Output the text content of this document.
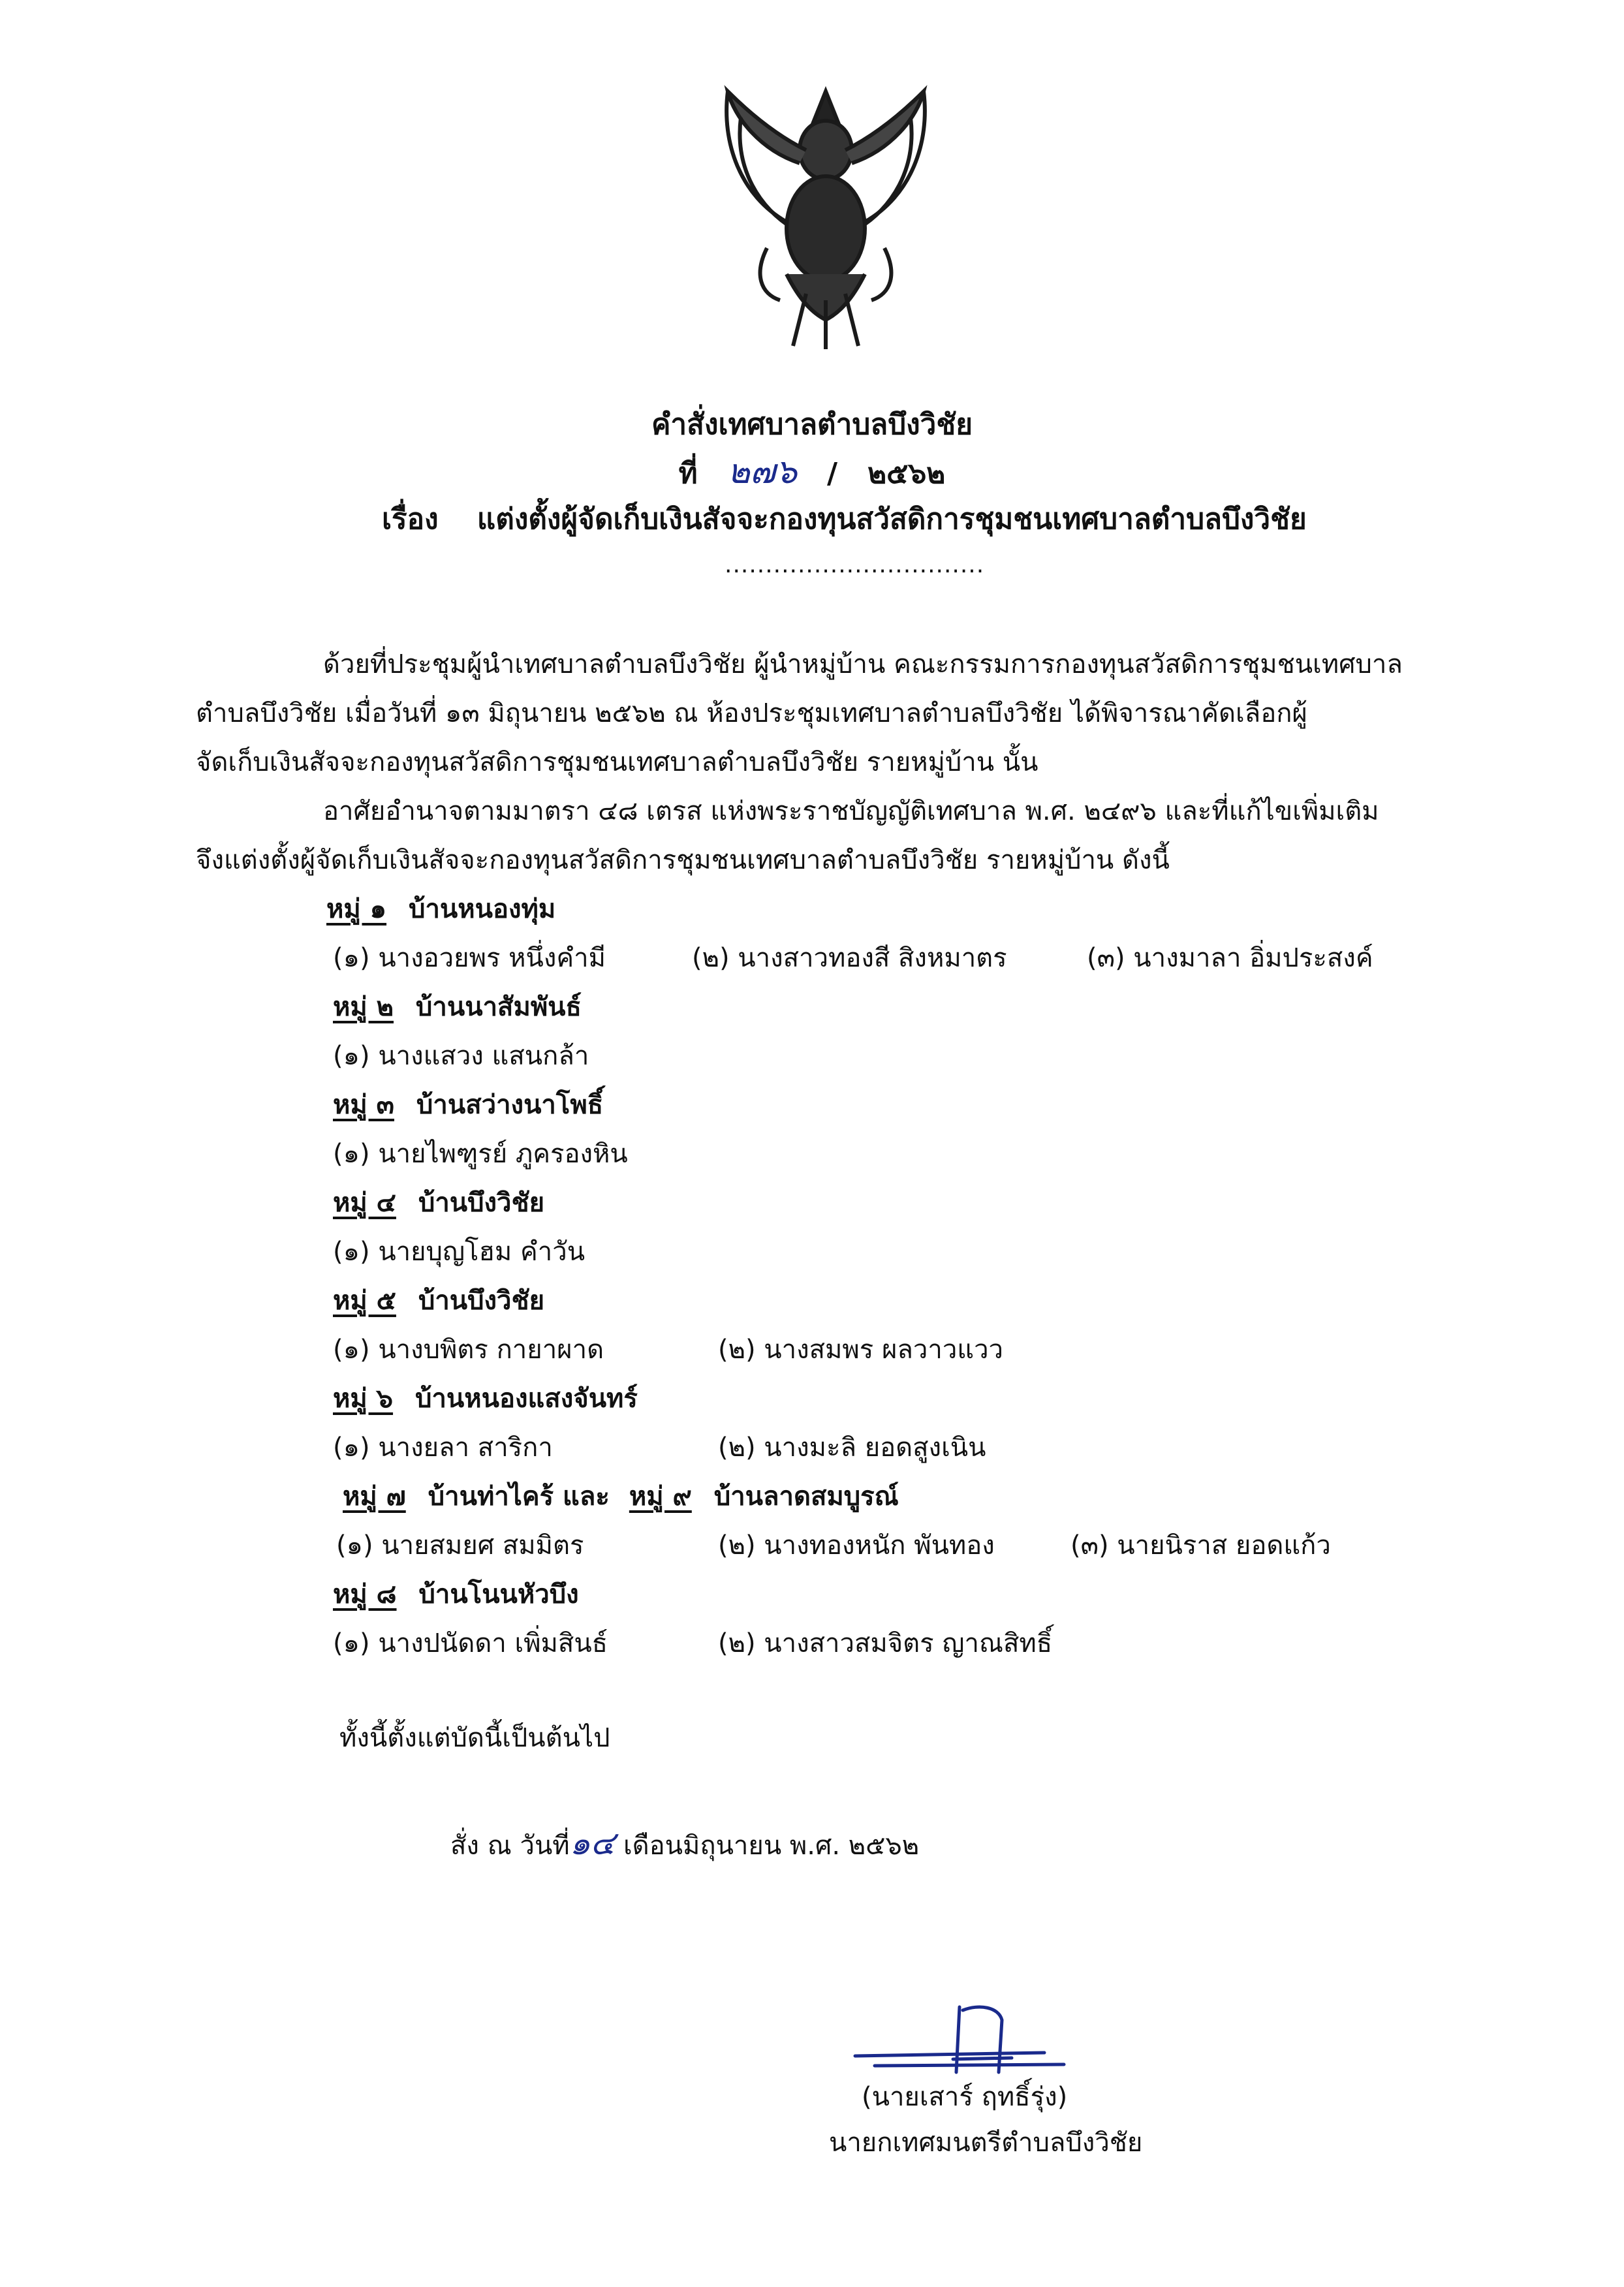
คำสั่งเทศบาลตำบลบึงวิชัย
ที่ ๒๗๖ / ๒๕๖๒
เรื่อง แต่งตั้งผู้จัดเก็บเงินสัจจะกองทุนสวัสดิการชุมชนเทศบาลตำบลบึงวิชัย
................................
ด้วยที่ประชุมผู้นำเทศบาลตำบลบึงวิชัย ผู้นำหมู่บ้าน คณะกรรมการกองทุนสวัสดิการชุมชนเทศบาล
ตำบลบึงวิชัย เมื่อวันที่ ๑๓ มิถุนายน ๒๕๖๒ ณ ห้องประชุมเทศบาลตำบลบึงวิชัย ได้พิจารณาคัดเลือกผู้
จัดเก็บเงินสัจจะกองทุนสวัสดิการชุมชนเทศบาลตำบลบึงวิชัย รายหมู่บ้าน นั้น
อาศัยอำนาจตามมาตรา ๔๘ เตรส แห่งพระราชบัญญัติเทศบาล พ.ศ. ๒๔๙๖ และที่แก้ไขเพิ่มเติม
จึงแต่งตั้งผู้จัดเก็บเงินสัจจะกองทุนสวัสดิการชุมชนเทศบาลตำบลบึงวิชัย รายหมู่บ้าน ดังนี้
หมู่ ๑ บ้านหนองทุ่ม
(๑) นางอวยพร หนึ่งคำมี	(๒) นางสาวทองสี สิงหมาตร	(๓) นางมาลา อิ่มประสงค์
หมู่ ๒ บ้านนาสัมพันธ์
(๑) นางแสวง แสนกล้า
หมู่ ๓ บ้านสว่างนาโพธิ์
(๑) นายไพฑูรย์ ภูครองหิน
หมู่ ๔ บ้านบึงวิชัย
(๑) นายบุญโฮม คำวัน
หมู่ ๕ บ้านบึงวิชัย
(๑) นางบพิตร กายาผาด	(๒) นางสมพร ผลวาวแวว
หมู่ ๖ บ้านหนองแสงจันทร์
(๑) นางยลา สาริกา	(๒) นางมะลิ ยอดสูงเนิน
หมู่ ๗ บ้านท่าไคร้ และ หมู่ ๙ บ้านลาดสมบูรณ์
(๑) นายสมยศ สมมิตร	(๒) นางทองหนัก พันทอง	(๓) นายนิราส ยอดแก้ว
หมู่ ๘ บ้านโนนหัวบึง
(๑) นางปนัดดา เพิ่มสินธ์	(๒) นางสาวสมจิตร ญาณสิทธิ์
ทั้งนี้ตั้งแต่บัดนี้เป็นต้นไป
สั่ง ณ วันที่๑๔ เดือนมิถุนายน พ.ศ. ๒๕๖๒
(นายเสาร์ ฤทธิ์รุ่ง)
นายกเทศมนตรีตำบลบึงวิชัย
